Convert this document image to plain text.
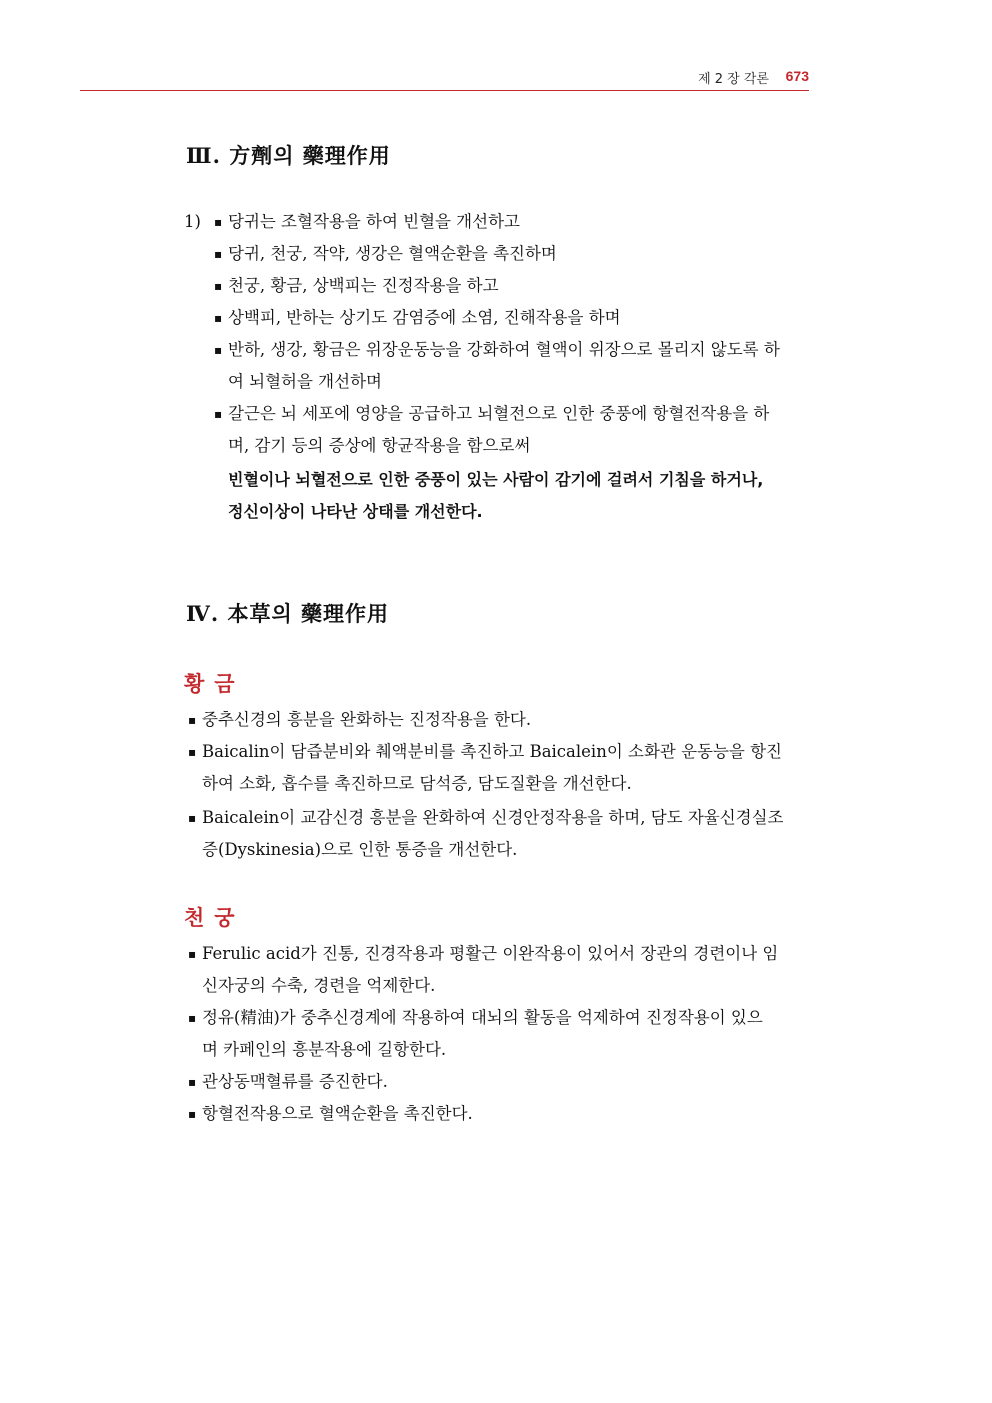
제 2 장 각론 673
Ⅲ. 方劑의 藥理作用
1) ▪ 당귀는 조혈작용을 하여 빈혈을 개선하고
▪ 당귀, 천궁, 작약, 생강은 혈액순환을 촉진하며
▪ 천궁, 황금, 상백피는 진정작용을 하고
▪ 상백피, 반하는 상기도 감염증에 소염, 진해작용을 하며
▪ 반하, 생강, 황금은 위장운동능을 강화하여 혈액이 위장으로 몰리지 않도록 하
여 뇌혈허을 개선하며
▪ 갈근은 뇌 세포에 영양을 공급하고 뇌혈전으로 인한 중풍에 항혈전작용을 하
며, 감기 등의 증상에 항균작용을 함으로써
빈혈이나 뇌혈전으로 인한 중풍이 있는 사람이 감기에 걸려서 기침을 하거나,
정신이상이 나타난 상태를 개선한다.
Ⅳ. 本草의 藥理作用
황금
▪ 중추신경의 흥분을 완화하는 진정작용을 한다.
▪ Baicalin이 담즙분비와 췌액분비를 촉진하고 Baicalein이 소화관 운동능을 항진
하여 소화, 흡수를 촉진하므로 담석증, 담도질환을 개선한다.
▪ Baicalein이 교감신경 흥분을 완화하여 신경안정작용을 하며, 담도 자율신경실조
증(Dyskinesia)으로 인한 통증을 개선한다.
천궁
▪ Ferulic acid가 진통, 진경작용과 평활근 이완작용이 있어서 장관의 경련이나 임
신자궁의 수축, 경련을 억제한다.
▪ 정유(精油)가 중추신경계에 작용하여 대뇌의 활동을 억제하여 진정작용이 있으
며 카페인의 흥분작용에 길항한다.
▪ 관상동맥혈류를 증진한다.
▪ 항혈전작용으로 혈액순환을 촉진한다.
